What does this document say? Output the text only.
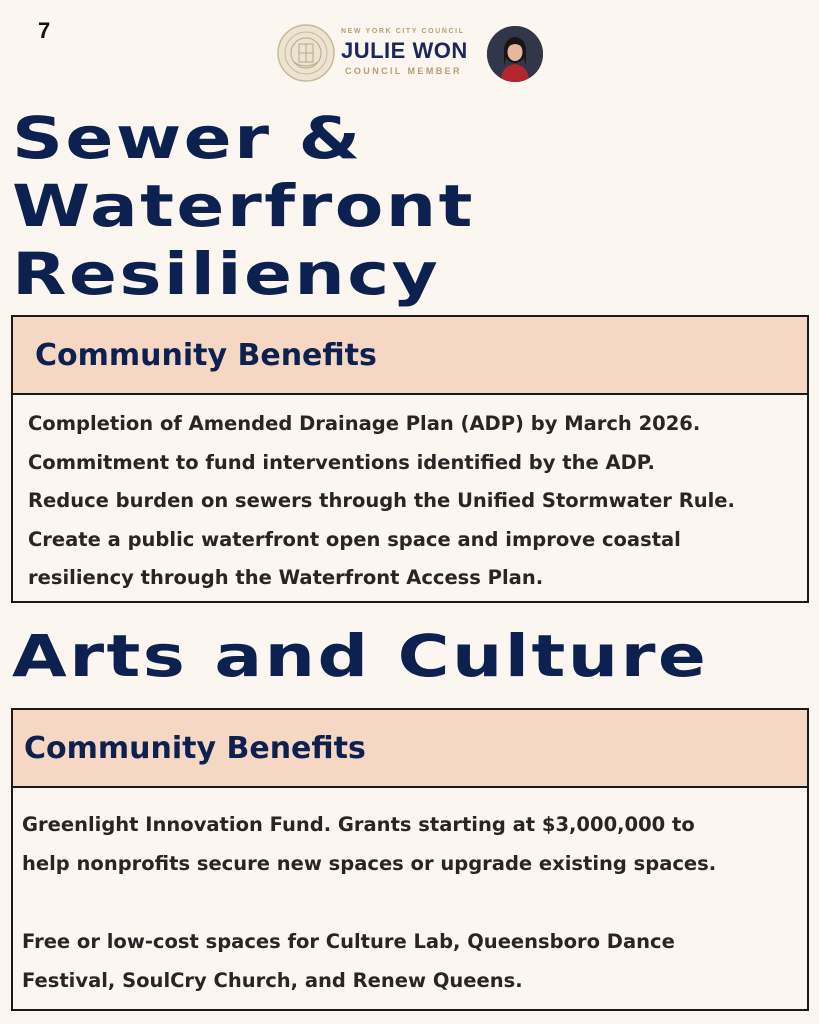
7	NEW YORK CITY COUNCIL
JULIE WON
COUNCIL MEMBER
Sewer &
Waterfront
Resiliency
Community Benefits
Completion of Amended Drainage Plan (ADP) by March 2026.
Commitment to fund interventions identified by the ADP.
Reduce burden on sewers through the Unified Stormwater Rule.
Create a public waterfront open space and improve coastal
resiliency through the Waterfront Access Plan.
Arts and Culture
Community Benefits
Greenlight Innovation Fund. Grants starting at $3,000,000 to
help nonprofits secure new spaces or upgrade existing spaces.
Free or low-cost spaces for Culture Lab, Queensboro Dance
Festival, SoulCry Church, and Renew Queens.
